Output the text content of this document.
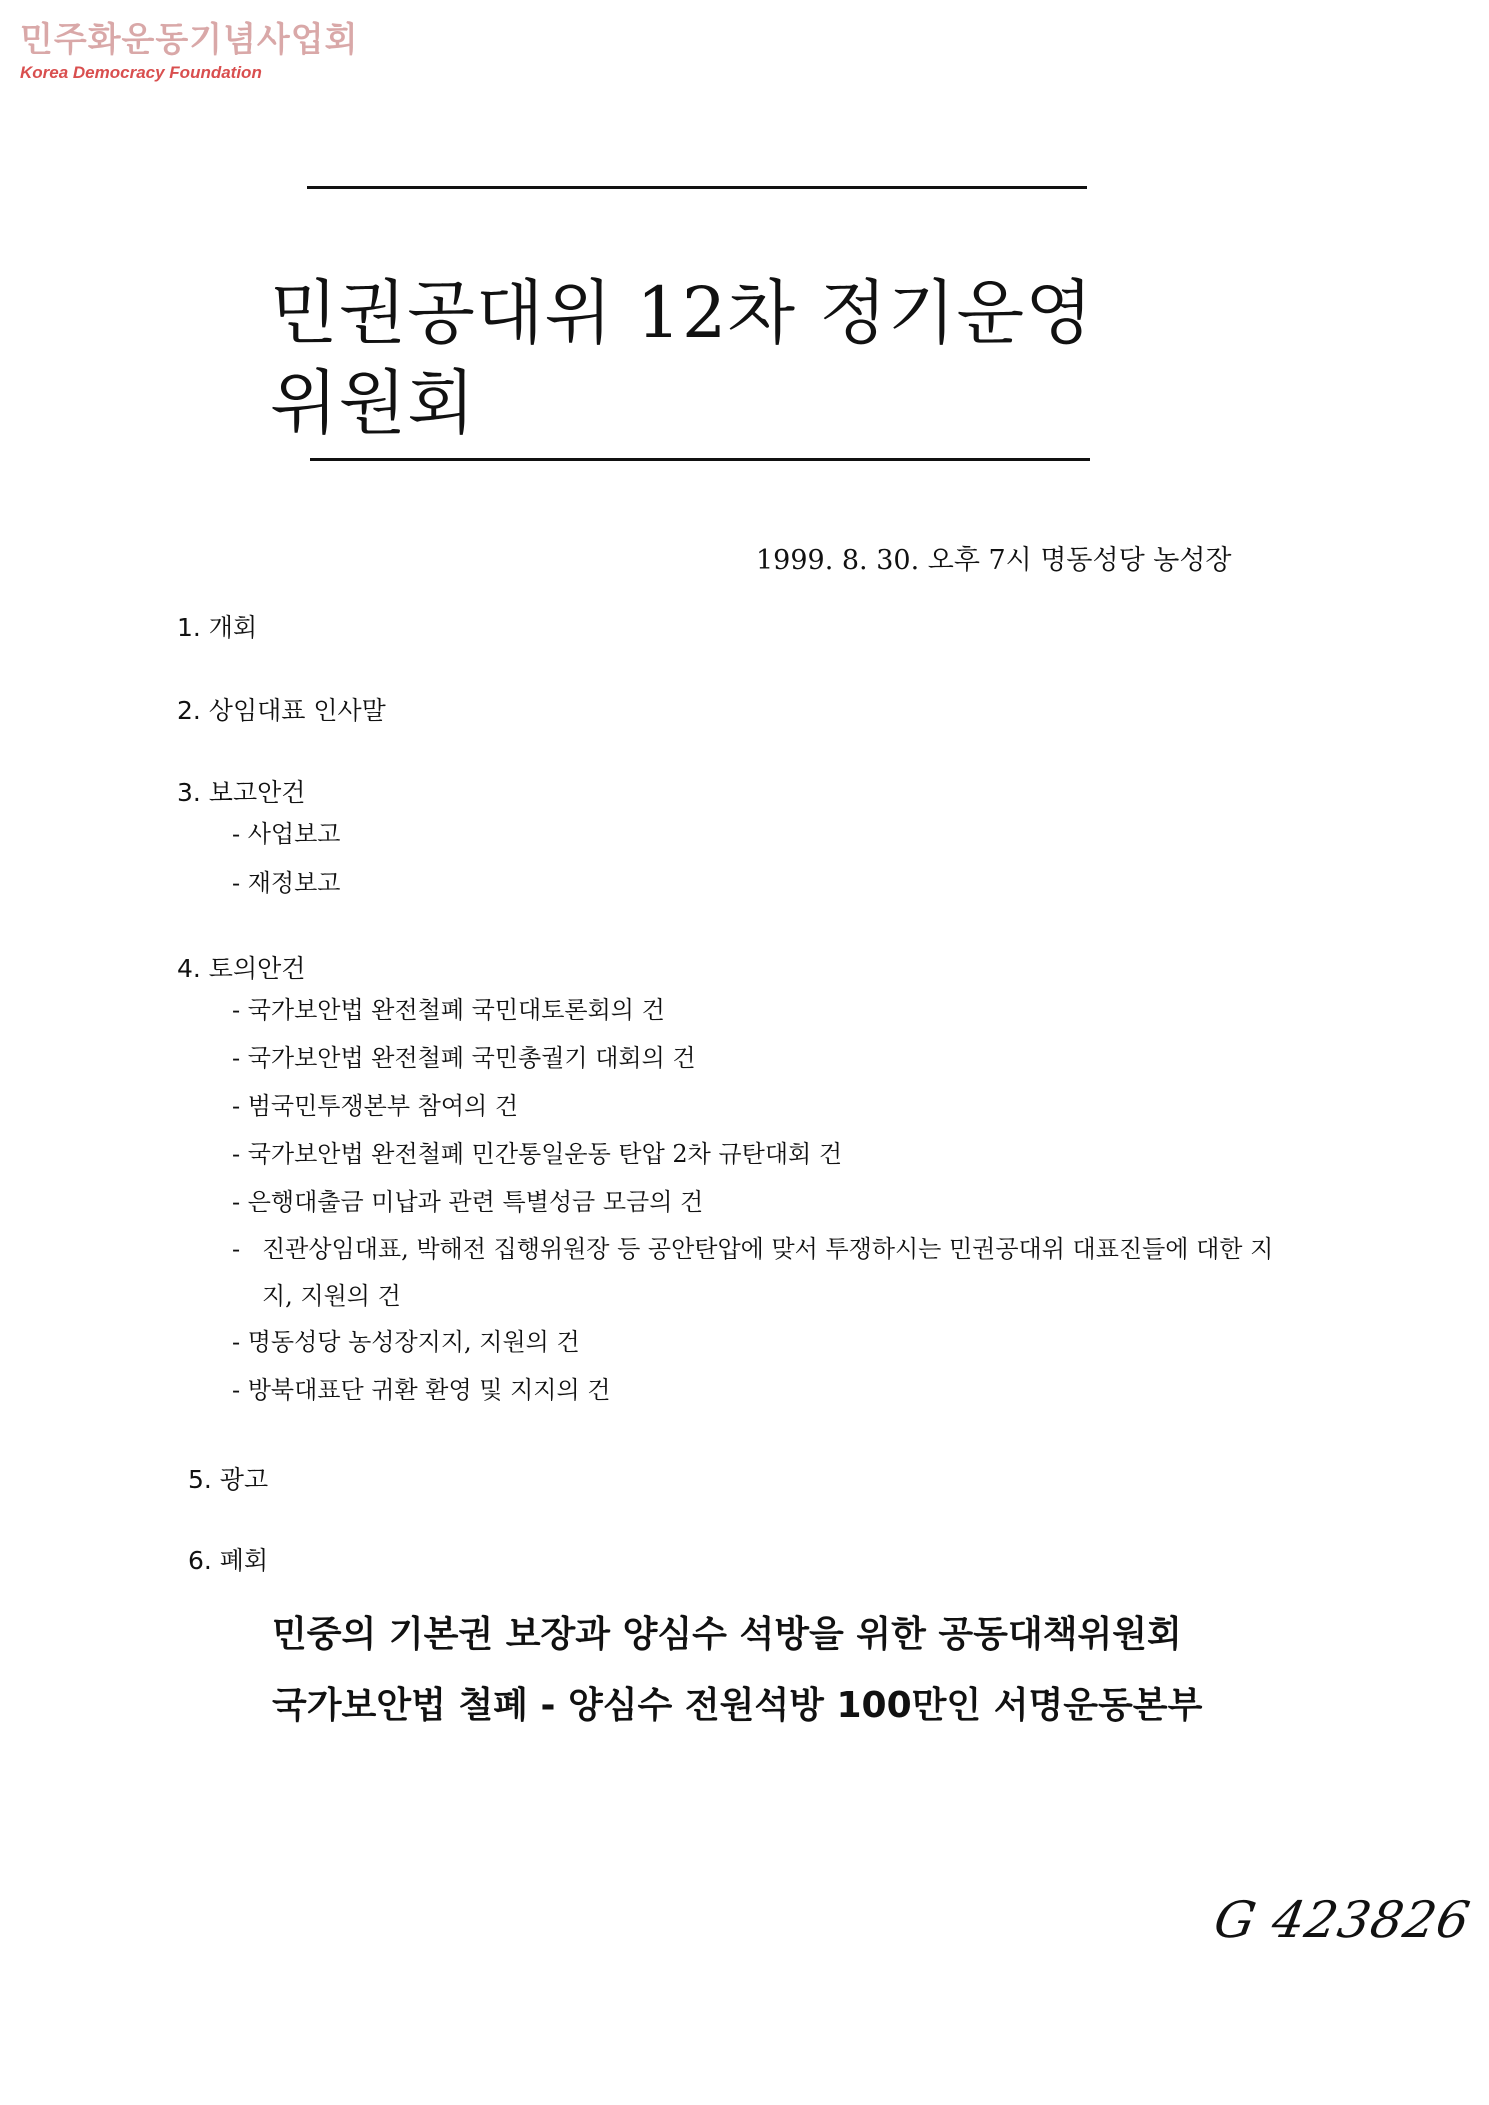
민주화운동기념사업회
Korea Democracy Foundation
민권공대위 12차 정기운영위원회
1999. 8. 30. 오후 7시 명동성당 농성장
1. 개회
2. 상임대표 인사말
3. 보고안건
- 사업보고
- 재정보고
4. 토의안건
- 국가보안법 완전철폐 국민대토론회의 건
- 국가보안법 완전철폐 국민총궐기 대회의 건
- 범국민투쟁본부 참여의 건
- 국가보안법 완전철폐 민간통일운동 탄압 2차 규탄대회 건
- 은행대출금 미납과 관련 특별성금 모금의 건
- 진관상임대표, 박해전 집행위원장 등 공안탄압에 맞서 투쟁하시는 민권공대위 대표진들에 대한 지지, 지원의 건
- 명동성당 농성장지지, 지원의 건
- 방북대표단 귀환 환영 및 지지의 건
5. 광고
6. 폐회
민중의 기본권 보장과 양심수 석방을 위한 공동대책위원회
국가보안법 철폐 - 양심수 전원석방 100만인 서명운동본부
G 423826
